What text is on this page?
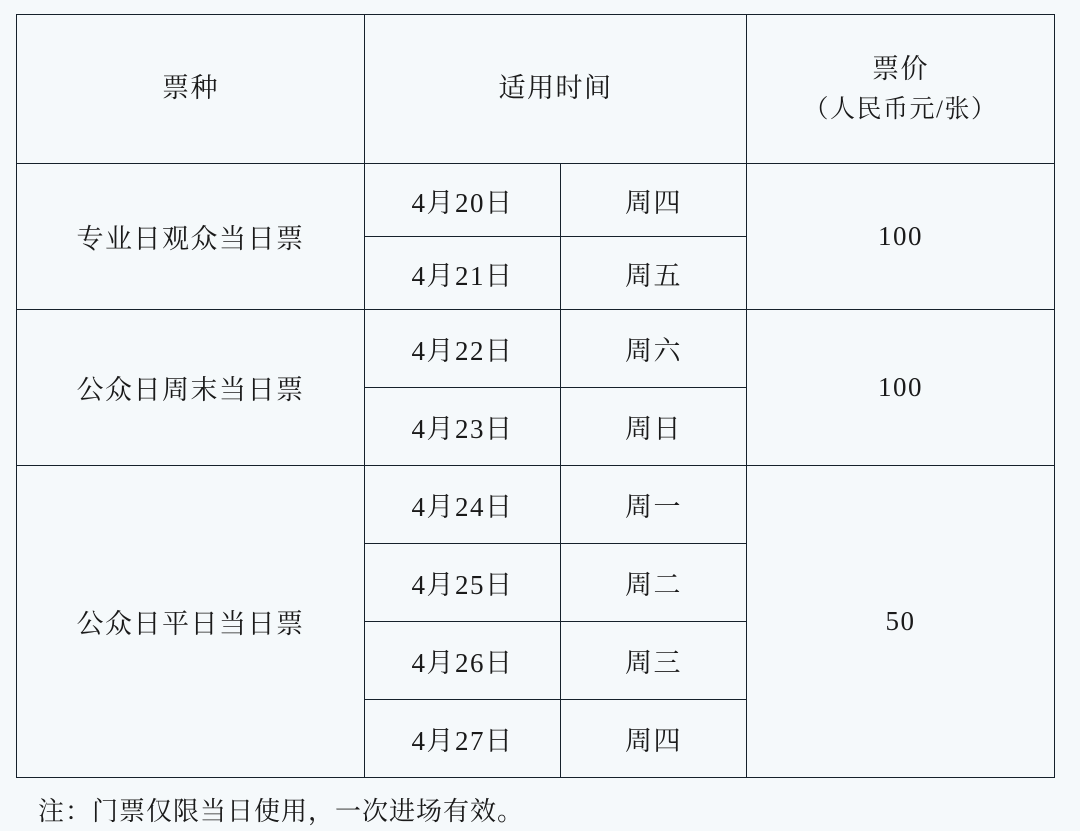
票种	适用时间		票价
（人民币元/张）

专业日观众当日票	4月20日	周四	100
	4月21日	周五	
公众日周末当日票	4月22日	周六	100
	4月23日	周日	
公众日平日当日票	4月24日	周一	50
	4月25日	周二	
	4月26日	周三	
	4月27日	周四	
注：门票仅限当日使用，一次进场有效。
